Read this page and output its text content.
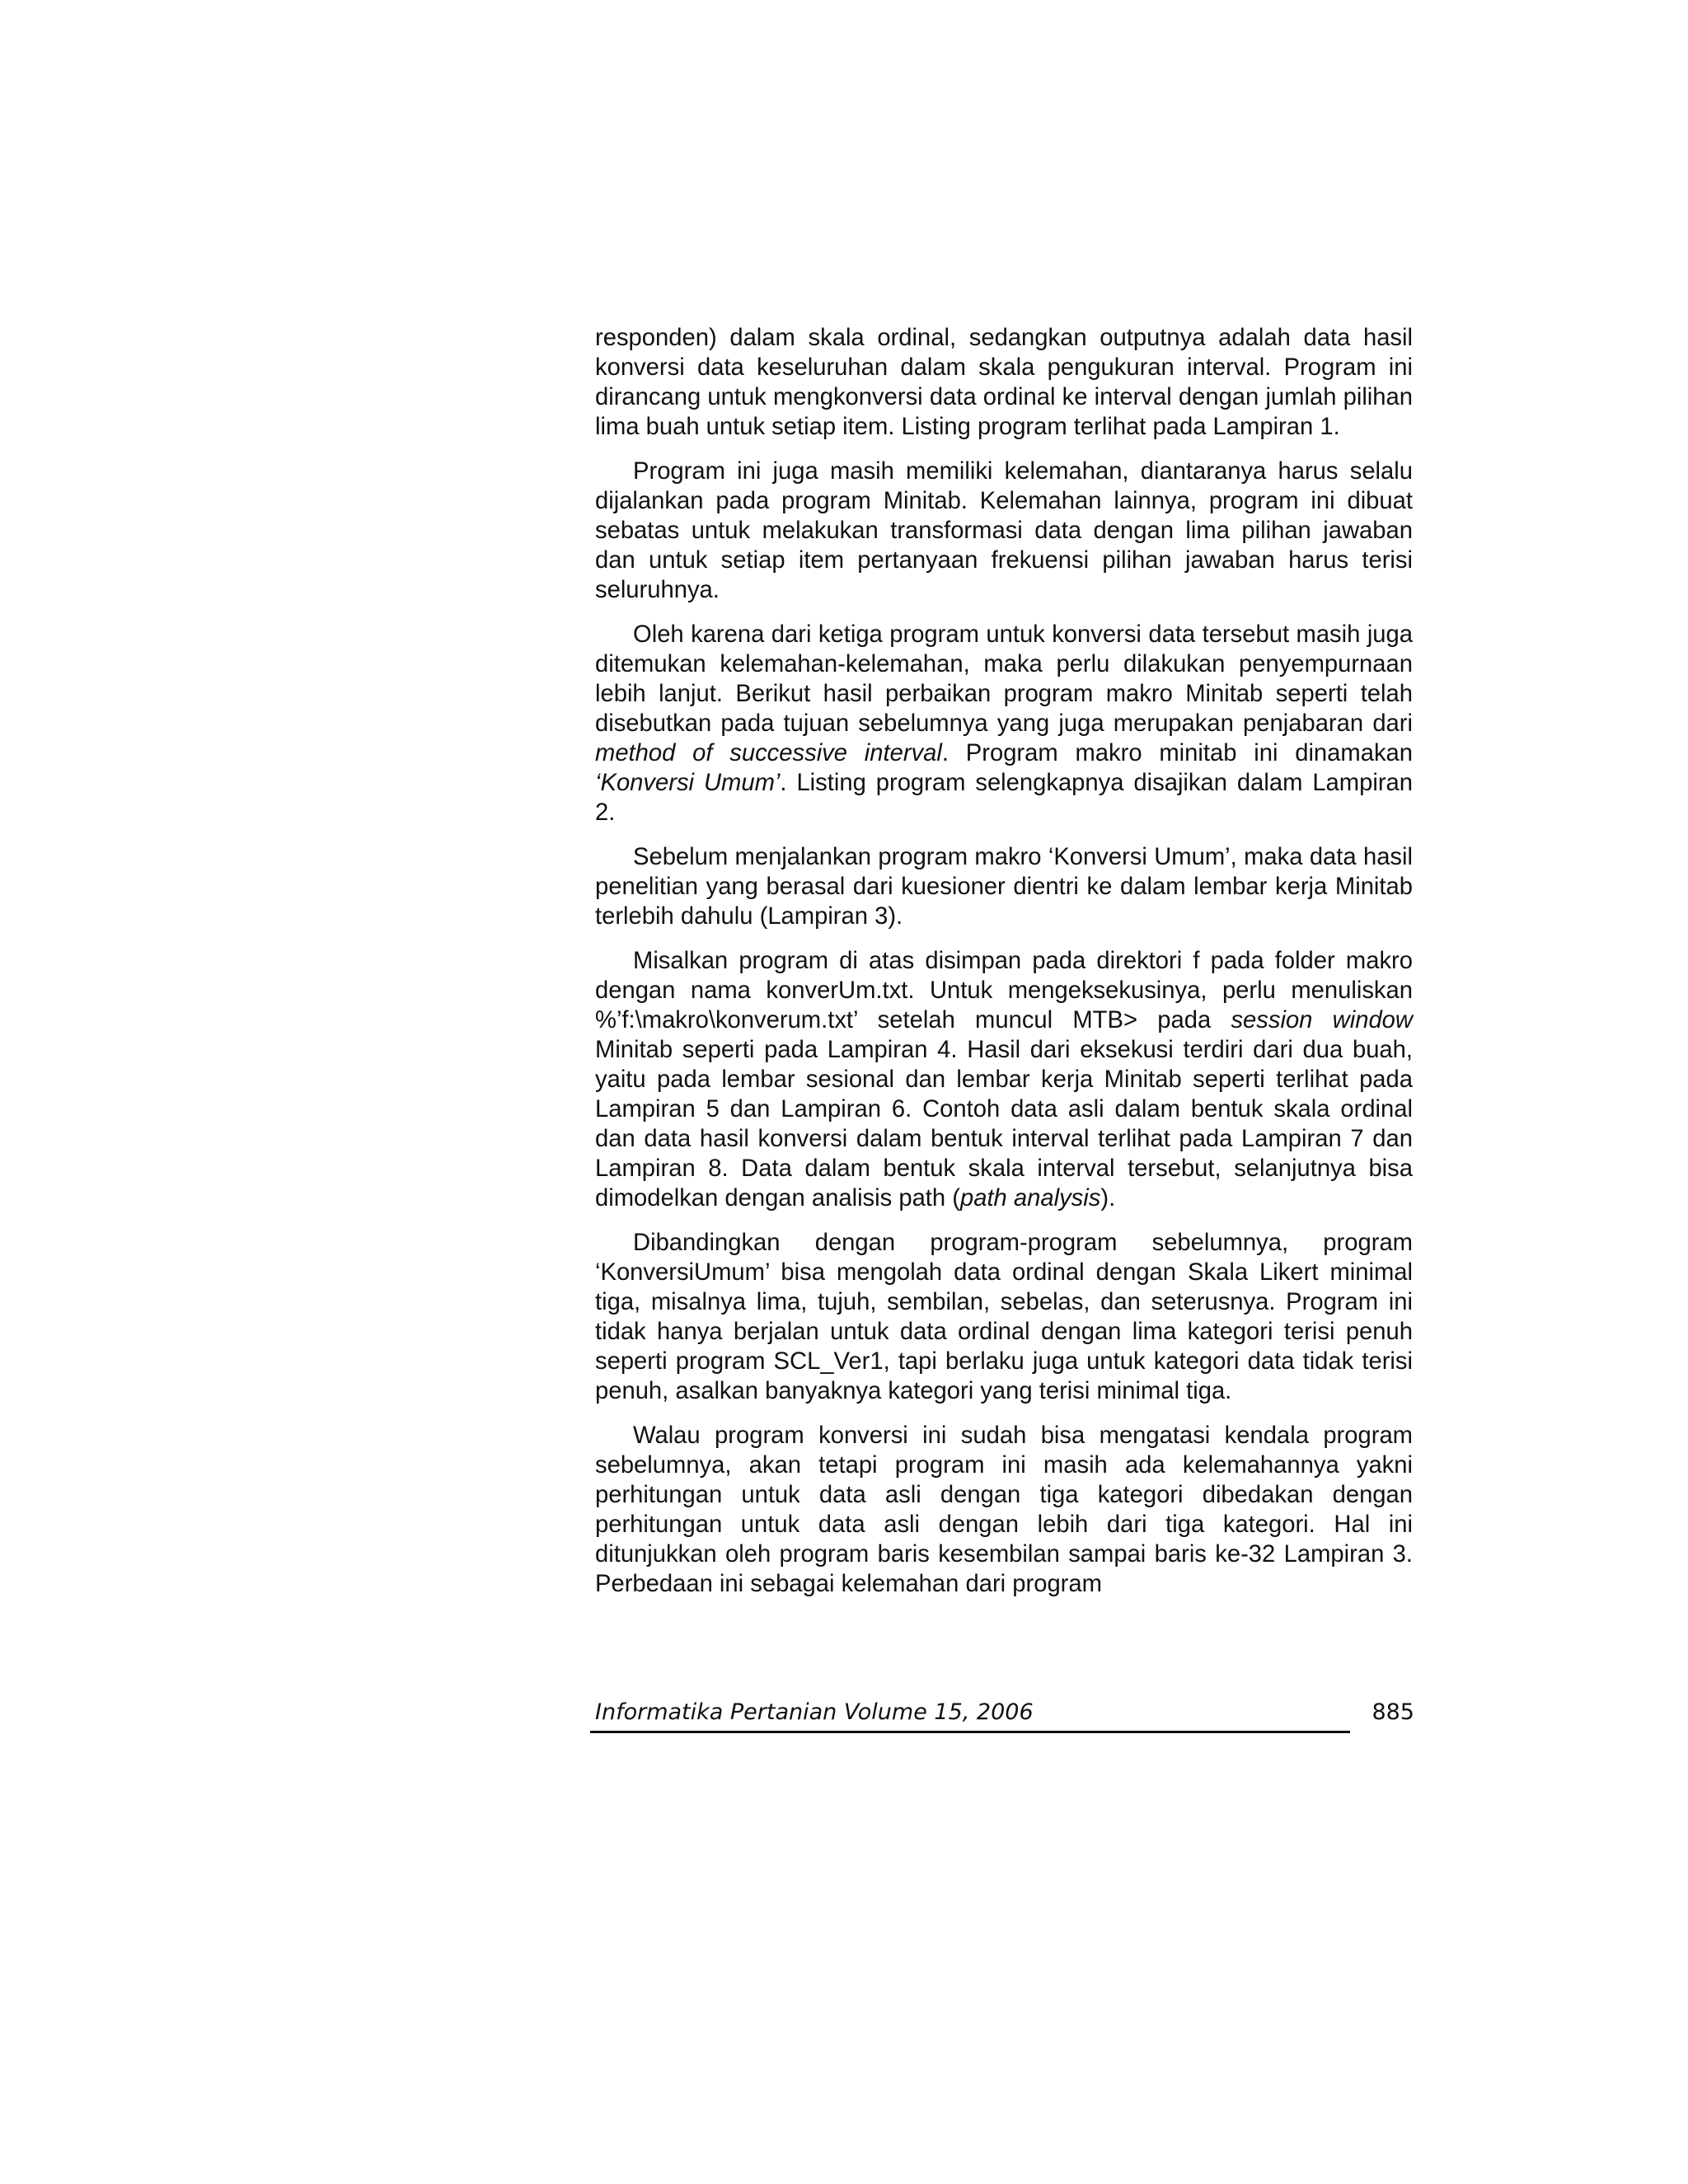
responden) dalam skala ordinal, sedangkan outputnya adalah data hasil konversi data keseluruhan dalam skala pengukuran interval. Program ini dirancang untuk mengkonversi data ordinal ke interval dengan jumlah pilihan lima buah untuk setiap item. Listing program terlihat pada Lampiran 1.

Program ini juga masih memiliki kelemahan, diantaranya harus selalu dijalankan pada program Minitab. Kelemahan lainnya, program ini dibuat sebatas untuk melakukan transformasi data dengan lima pilihan jawaban dan untuk setiap item pertanyaan frekuensi pilihan jawaban harus terisi seluruhnya.

Oleh karena dari ketiga program untuk konversi data tersebut masih juga ditemukan kelemahan-kelemahan, maka perlu dilakukan penyempurnaan lebih lanjut. Berikut hasil perbaikan program makro Minitab seperti telah disebutkan pada tujuan sebelumnya yang juga merupakan penjabaran dari method of successive interval. Program makro minitab ini dinamakan ‘Konversi Umum’. Listing program selengkapnya disajikan dalam Lampiran 2.

Sebelum menjalankan program makro ‘Konversi Umum’, maka data hasil penelitian yang berasal dari kuesioner dientri ke dalam lembar kerja Minitab terlebih dahulu (Lampiran 3).

Misalkan program di atas disimpan pada direktori f pada folder makro dengan nama konverUm.txt. Untuk mengeksekusinya, perlu menuliskan %’f:\makro\konverum.txt’ setelah muncul MTB> pada session window Minitab seperti pada Lampiran 4. Hasil dari eksekusi terdiri dari dua buah, yaitu pada lembar sesional dan lembar kerja Minitab seperti terlihat pada Lampiran 5 dan Lampiran 6. Contoh data asli dalam bentuk skala ordinal dan data hasil konversi dalam bentuk interval terlihat pada Lampiran 7 dan Lampiran 8. Data dalam bentuk skala interval tersebut, selanjutnya bisa dimodelkan dengan analisis path (path analysis).

Dibandingkan dengan program-program sebelumnya, program ‘KonversiUmum’ bisa mengolah data ordinal dengan Skala Likert minimal tiga, misalnya lima, tujuh, sembilan, sebelas, dan seterusnya. Program ini tidak hanya berjalan untuk data ordinal dengan lima kategori terisi penuh seperti program SCL_Ver1, tapi berlaku juga untuk kategori data tidak terisi penuh, asalkan banyaknya kategori yang terisi minimal tiga.

Walau program konversi ini sudah bisa mengatasi kendala program sebelumnya, akan tetapi program ini masih ada kelemahannya yakni perhitungan untuk data asli dengan tiga kategori dibedakan dengan perhitungan untuk data asli dengan lebih dari tiga kategori. Hal ini ditunjukkan oleh program baris kesembilan sampai baris ke-32 Lampiran 3. Perbedaan ini sebagai kelemahan dari program

Informatika Pertanian Volume 15, 2006	885
